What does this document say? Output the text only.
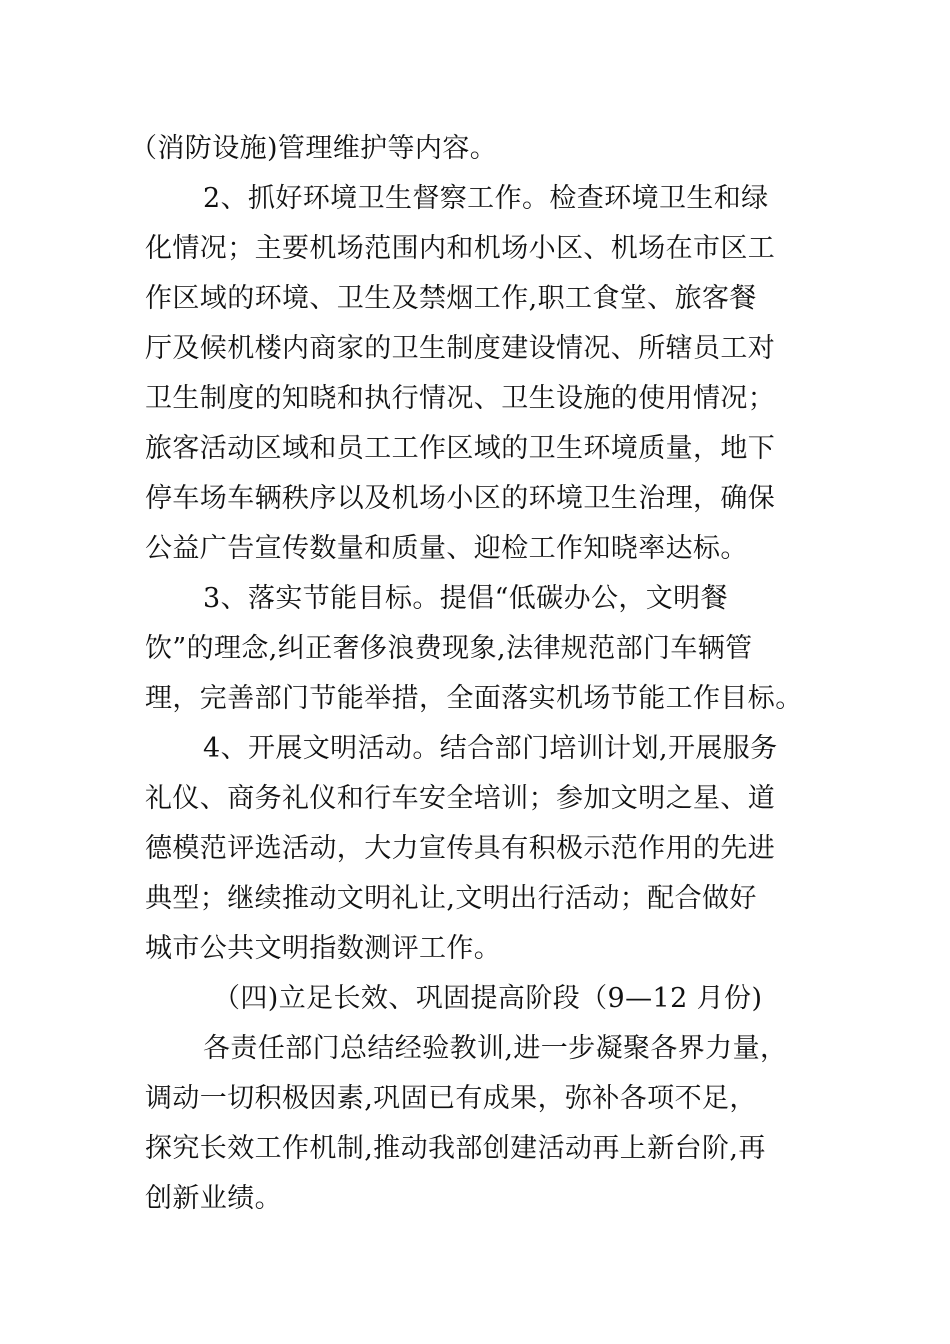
（消防设施)管理维护等内容。
2、抓好环境卫生督察工作。检查环境卫生和绿
化情况；主要机场范围内和机场小区、机场在市区工
作区域的环境、卫生及禁烟工作,职工食堂、旅客餐
厅及候机楼内商家的卫生制度建设情况、所辖员工对
卫生制度的知晓和执行情况、卫生设施的使用情况；
旅客活动区域和员工工作区域的卫生环境质量，地下
停车场车辆秩序以及机场小区的环境卫生治理，确保
公益广告宣传数量和质量、迎检工作知晓率达标。
3、落实节能目标。提倡“低碳办公，文明餐
饮”的理念,纠正奢侈浪费现象,法律规范部门车辆管
理，完善部门节能举措，全面落实机场节能工作目标。
4、开展文明活动。结合部门培训计划,开展服务
礼仪、商务礼仪和行车安全培训；参加文明之星、道
德模范评选活动，大力宣传具有积极示范作用的先进
典型；继续推动文明礼让,文明出行活动；配合做好
城市公共文明指数测评工作。
（四)立足长效、巩固提高阶段（9—12 月份)
各责任部门总结经验教训,进一步凝聚各界力量，
调动一切积极因素,巩固已有成果，弥补各项不足，
探究长效工作机制,推动我部创建活动再上新台阶,再
创新业绩。
